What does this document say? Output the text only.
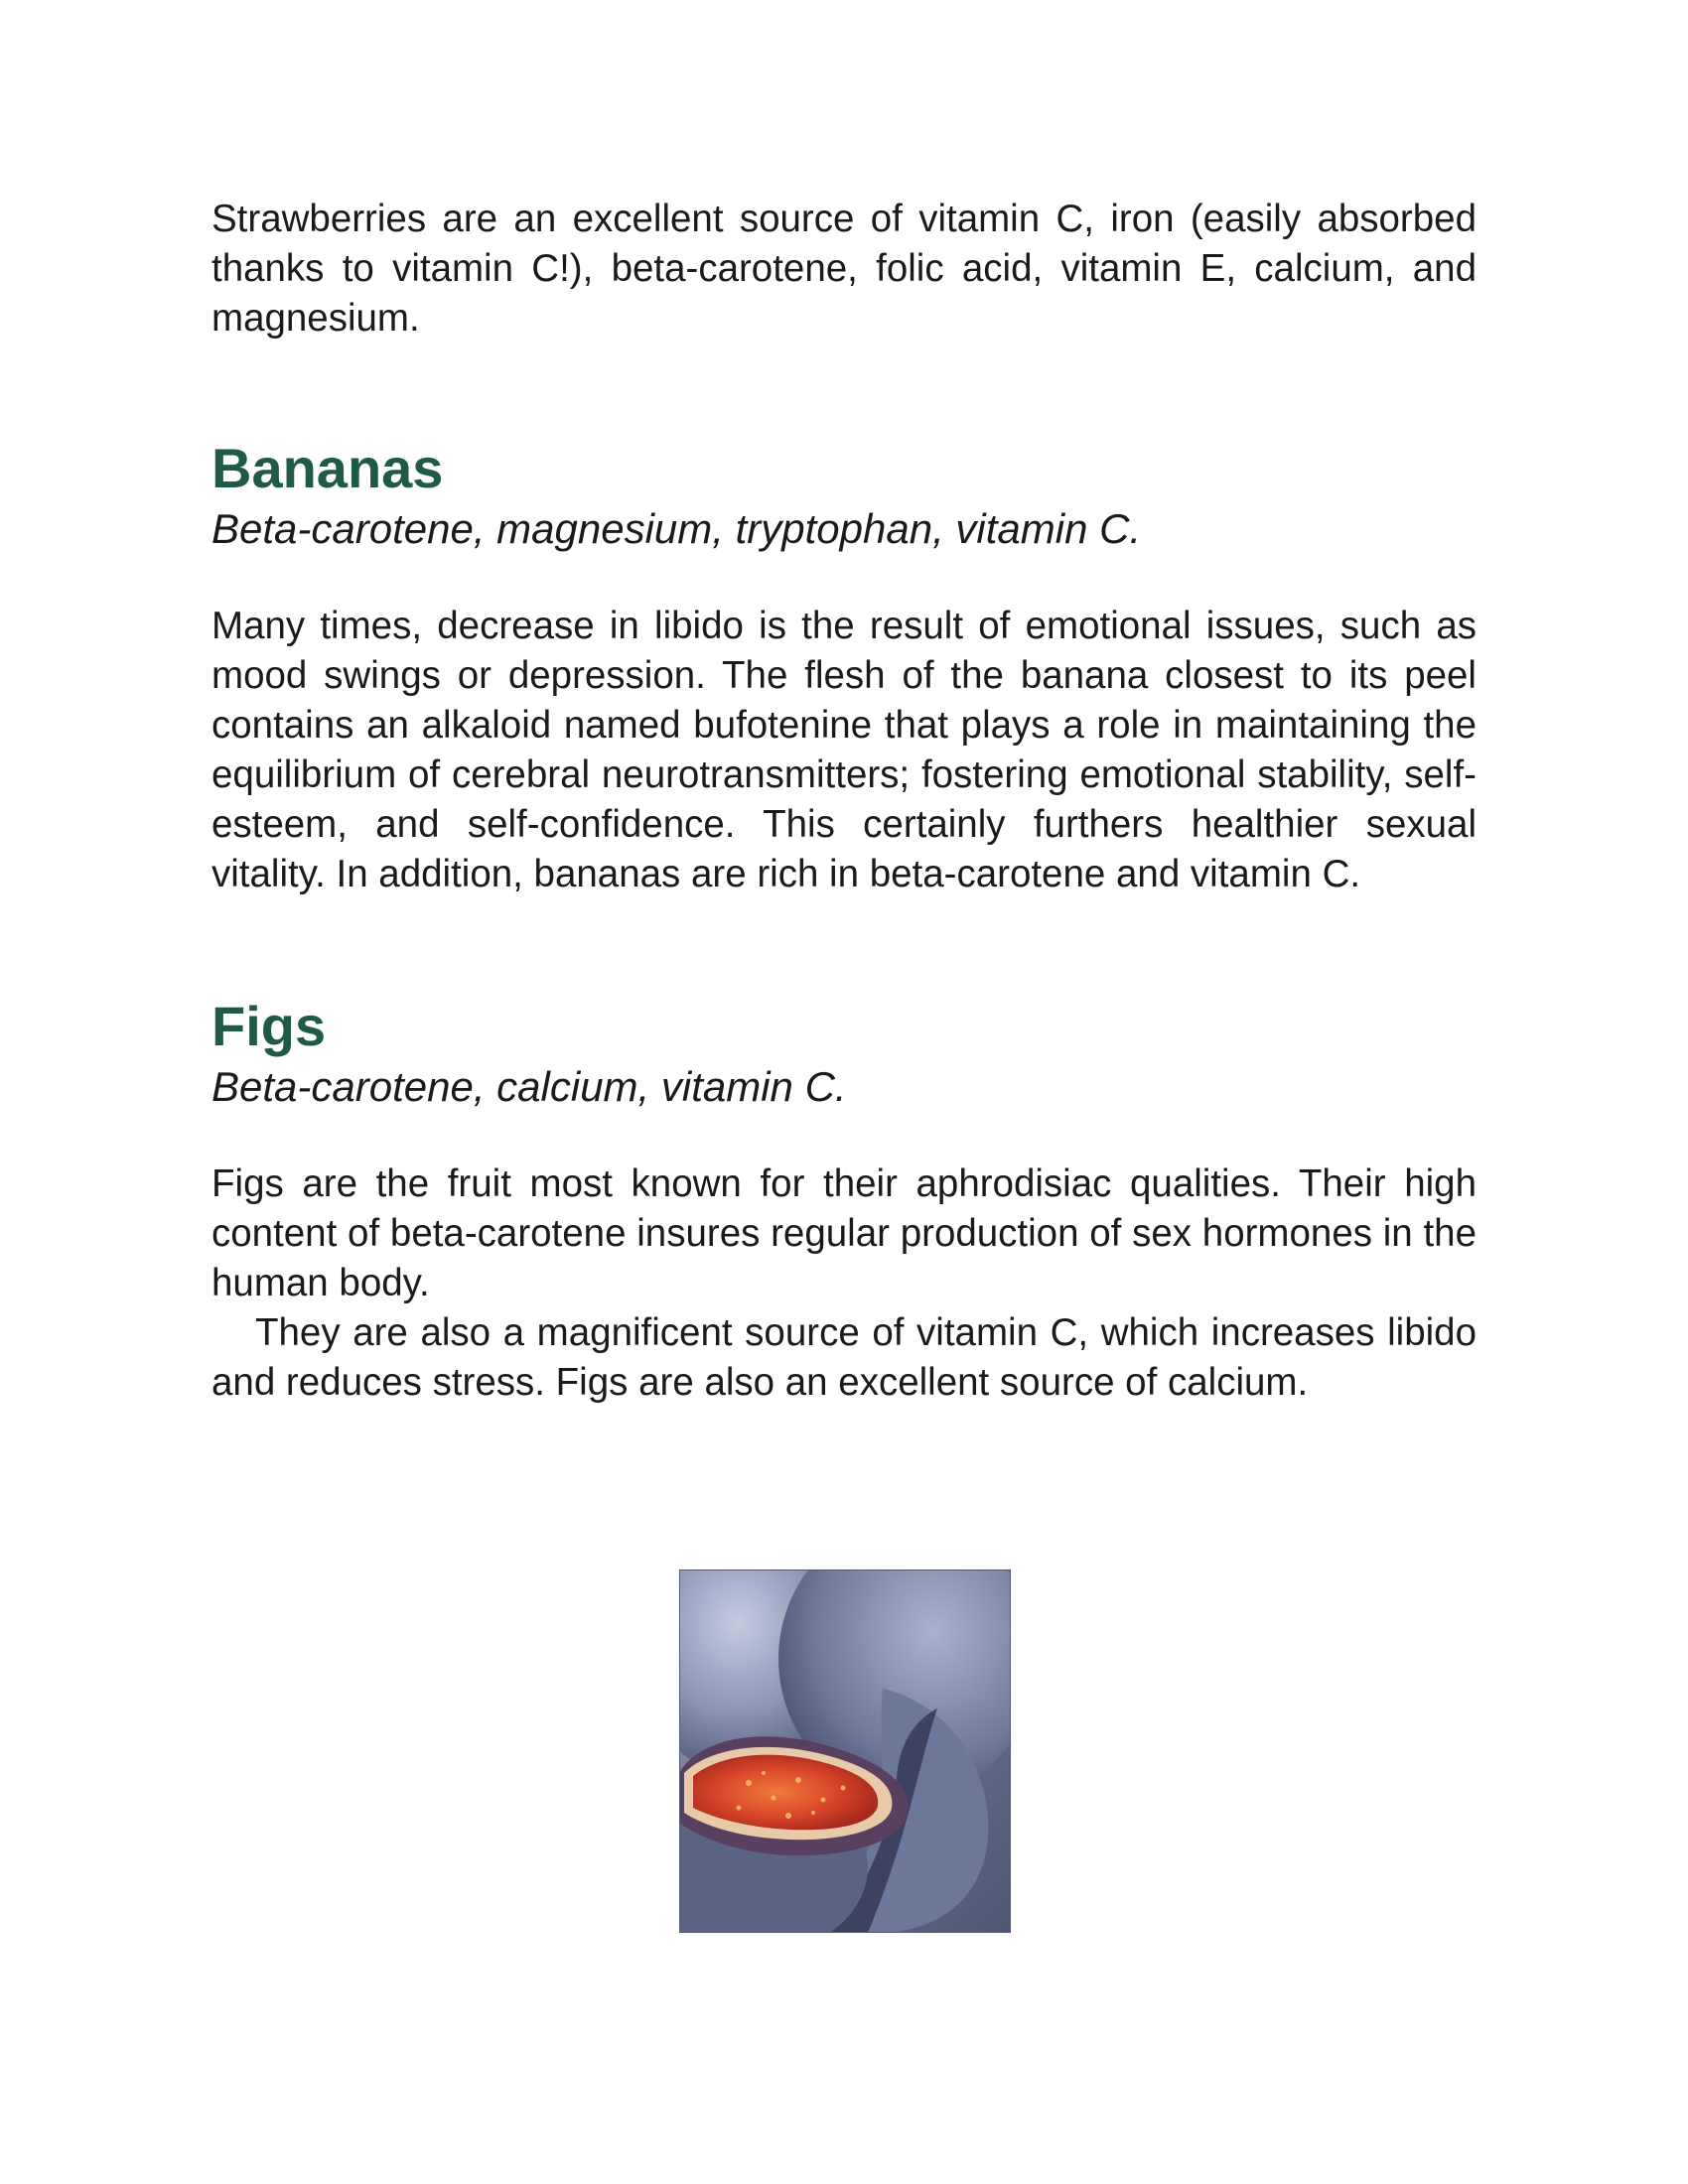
Strawberries are an excellent source of vitamin C, iron (easily absorbed thanks to vitamin C!), beta-carotene, folic acid, vitamin E, calcium, and magnesium.

Bananas

Beta-carotene, magnesium, tryptophan, vitamin C.

Many times, decrease in libido is the result of emotional issues, such as mood swings or depression. The flesh of the banana closest to its peel contains an alkaloid named bufotenine that plays a role in maintaining the equilibrium of cerebral neurotransmitters; fostering emotional stability, self-esteem, and self-confidence. This certainly furthers healthier sexual vitality. In addition, bananas are rich in beta-carotene and vitamin C.

Figs

Beta-carotene, calcium, vitamin C.

Figs are the fruit most known for their aphrodisiac qualities. Their high content of beta-carotene insures regular production of sex hormones in the human body.

They are also a magnificent source of vitamin C, which increases libido and reduces stress. Figs are also an excellent source of calcium.
